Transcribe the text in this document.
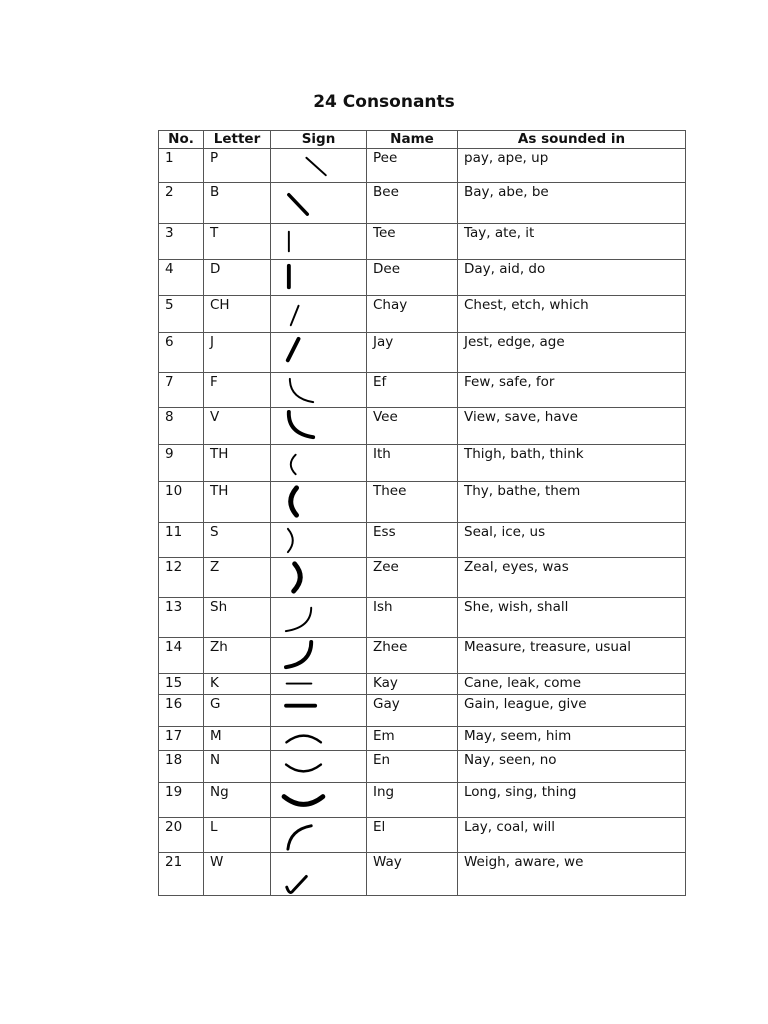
24 Consonants
No.	Letter	Sign	Name	As sounded in
1	P		Pee	pay, ape, up
2	B		Bee	Bay, abe, be
3	T		Tee	Tay, ate, it
4	D		Dee	Day, aid, do
5	CH		Chay	Chest, etch, which
6	J		Jay	Jest, edge, age
7	F		Ef	Few, safe, for
8	V		Vee	View, save, have
9	TH		Ith	Thigh, bath, think
10	TH		Thee	Thy, bathe, them
11	S		Ess	Seal, ice, us
12	Z		Zee	Zeal, eyes, was
13	Sh		Ish	She, wish, shall
14	Zh		Zhee	Measure, treasure, usual
15	K		Kay	Cane, leak, come
16	G		Gay	Gain, league, give
17	M		Em	May, seem, him
18	N		En	Nay, seen, no
19	Ng		Ing	Long, sing, thing
20	L		El	Lay, coal, will
21	W		Way	Weigh, aware, we
